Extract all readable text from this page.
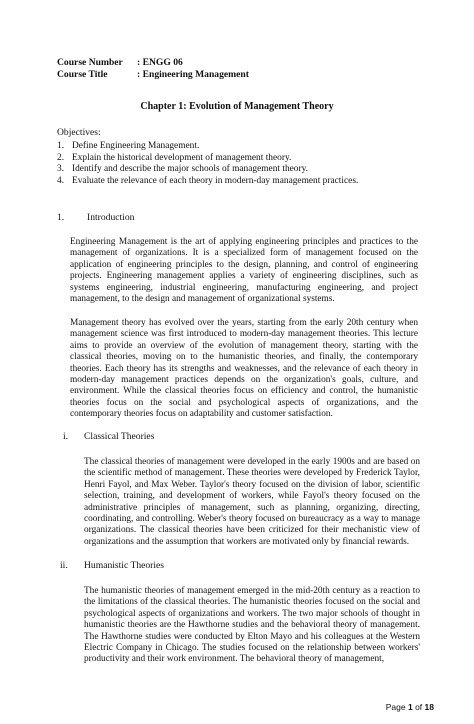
Course Number : ENGG 06
Course Title	: Engineering Management
Chapter 1: Evolution of Management Theory
Objectives:
1. Define Engineering Management.
2. Explain the historical development of management theory.
3. Identify and describe the major schools of management theory.
4. Evaluate the relevance of each theory in modern-day management practices.
1. Introduction

Engineering Management is the art of applying engineering principles and practices to the management of organizations. It is a specialized form of management focused on the application of engineering principles to the design, planning, and control of engineering projects. Engineering management applies a variety of engineering disciplines, such as systems engineering, industrial engineering, manufacturing engineering, and project management, to the design and management of organizational systems.

Management theory has evolved over the years, starting from the early 20th century when management science was first introduced to modern-day management theories. This lecture aims to provide an overview of the evolution of management theory, starting with the classical theories, moving on to the humanistic theories, and finally, the contemporary theories. Each theory has its strengths and weaknesses, and the relevance of each theory in modern-day management practices depends on the organization's goals, culture, and environment. While the classical theories focus on efficiency and control, the humanistic theories focus on the social and psychological aspects of organizations, and the contemporary theories focus on adaptability and customer satisfaction.

i. Classical Theories

The classical theories of management were developed in the early 1900s and are based on the scientific method of management. These theories were developed by Frederick Taylor, Henri Fayol, and Max Weber. Taylor's theory focused on the division of labor, scientific selection, training, and development of workers, while Fayol's theory focused on the administrative principles of management, such as planning, organizing, directing, coordinating, and controlling. Weber's theory focused on bureaucracy as a way to manage organizations. The classical theories have been criticized for their mechanistic view of organizations and the assumption that workers are motivated only by financial rewards.

ii. Humanistic Theories

The humanistic theories of management emerged in the mid-20th century as a reaction to the limitations of the classical theories. The humanistic theories focused on the social and psychological aspects of organizations and workers. The two major schools of thought in humanistic theories are the Hawthorne studies and the behavioral theory of management. The Hawthorne studies were conducted by Elton Mayo and his colleagues at the Western Electric Company in Chicago. The studies focused on the relationship between workers' productivity and their work environment. The behavioral theory of management,

Page 1 of 18
